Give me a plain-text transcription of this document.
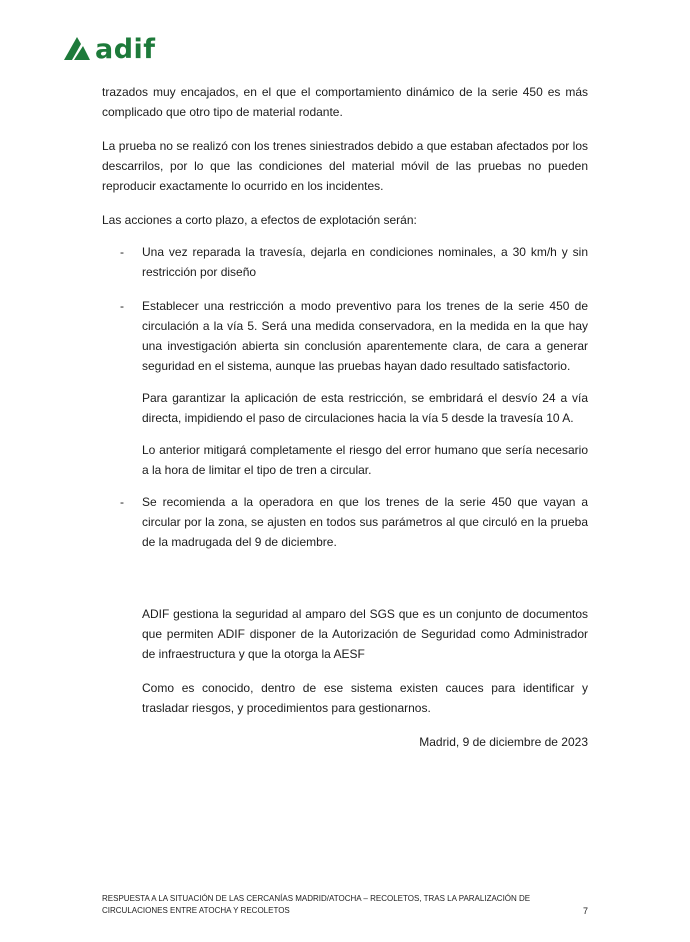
adif

trazados muy encajados, en el que el comportamiento dinámico de la serie 450 es más complicado que otro tipo de material rodante.

La prueba no se realizó con los trenes siniestrados debido a que estaban afectados por los descarrilos, por lo que las condiciones del material móvil de las pruebas no pueden reproducir exactamente lo ocurrido en los incidentes.

Las acciones a corto plazo, a efectos de explotación serán:

-	Una vez reparada la travesía, dejarla en condiciones nominales, a 30 km/h y sin restricción por diseño

-	Establecer una restricción a modo preventivo para los trenes de la serie 450 de circulación a la vía 5. Será una medida conservadora, en la medida en la que hay una investigación abierta sin conclusión aparentemente clara, de cara a generar seguridad en el sistema, aunque las pruebas hayan dado resultado satisfactorio.

Para garantizar la aplicación de esta restricción, se embridará el desvío 24 a vía directa, impidiendo el paso de circulaciones hacia la vía 5 desde la travesía 10 A.

Lo anterior mitigará completamente el riesgo del error humano que sería necesario a la hora de limitar el tipo de tren a circular.

-	Se recomienda a la operadora en que los trenes de la serie 450 que vayan a circular por la zona, se ajusten en todos sus parámetros al que circuló en la prueba de la madrugada del 9 de diciembre.

ADIF gestiona la seguridad al amparo del SGS que es un conjunto de documentos que permiten ADIF disponer de la Autorización de Seguridad como Administrador de infraestructura y que la otorga la AESF

Como es conocido, dentro de ese sistema existen cauces para identificar y trasladar riesgos, y procedimientos para gestionarnos.

Madrid, 9 de diciembre de 2023

RESPUESTA A LA SITUACIÓN DE LAS CERCANÍAS MADRID/ATOCHA – RECOLETOS, TRAS LA PARALIZACIÓN DE CIRCULACIONES ENTRE ATOCHA Y RECOLETOS	7
